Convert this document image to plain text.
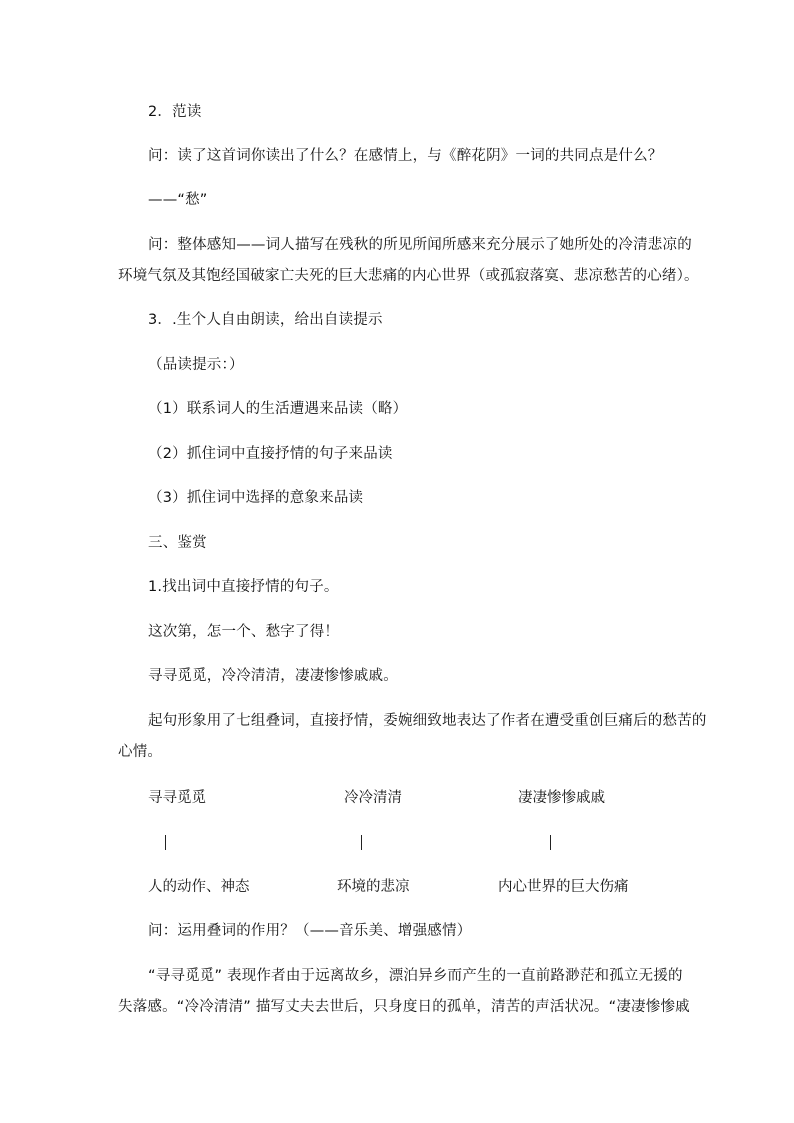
2．范读
问：读了这首词你读出了什么？在感情上，与《醉花阴》一词的共同点是什么？
——“愁”
问：整体感知——词人描写在残秋的所见所闻所感来充分展示了她所处的冷清悲凉的
环境气氛及其饱经国破家亡夫死的巨大悲痛的内心世界（或孤寂落寞、悲凉愁苦的心绪）。
3．.生个人自由朗读，给出自读提示
（品读提示：）
（1）联系词人的生活遭遇来品读（略）
（2）抓住词中直接抒情的句子来品读
（3）抓住词中选择的意象来品读
三、鉴赏
1.找出词中直接抒情的句子。
这次第，怎一个、愁字了得！
寻寻觅觅，冷冷清清，凄凄惨惨戚戚。
起句形象用了七组叠词，直接抒情，委婉细致地表达了作者在遭受重创巨痛后的愁苦的
心情。
寻寻觅觅	冷冷清清	凄凄惨惨戚戚
人的动作、神态	环境的悲凉	内心世界的巨大伤痛
问：运用叠词的作用？（——音乐美、增强感情）
“寻寻觅觅” 表现作者由于远离故乡，漂泊异乡而产生的一直前路渺茫和孤立无援的
失落感。“冷冷清清” 描写丈夫去世后，只身度日的孤单，清苦的声活状况。“凄凄惨惨戚
